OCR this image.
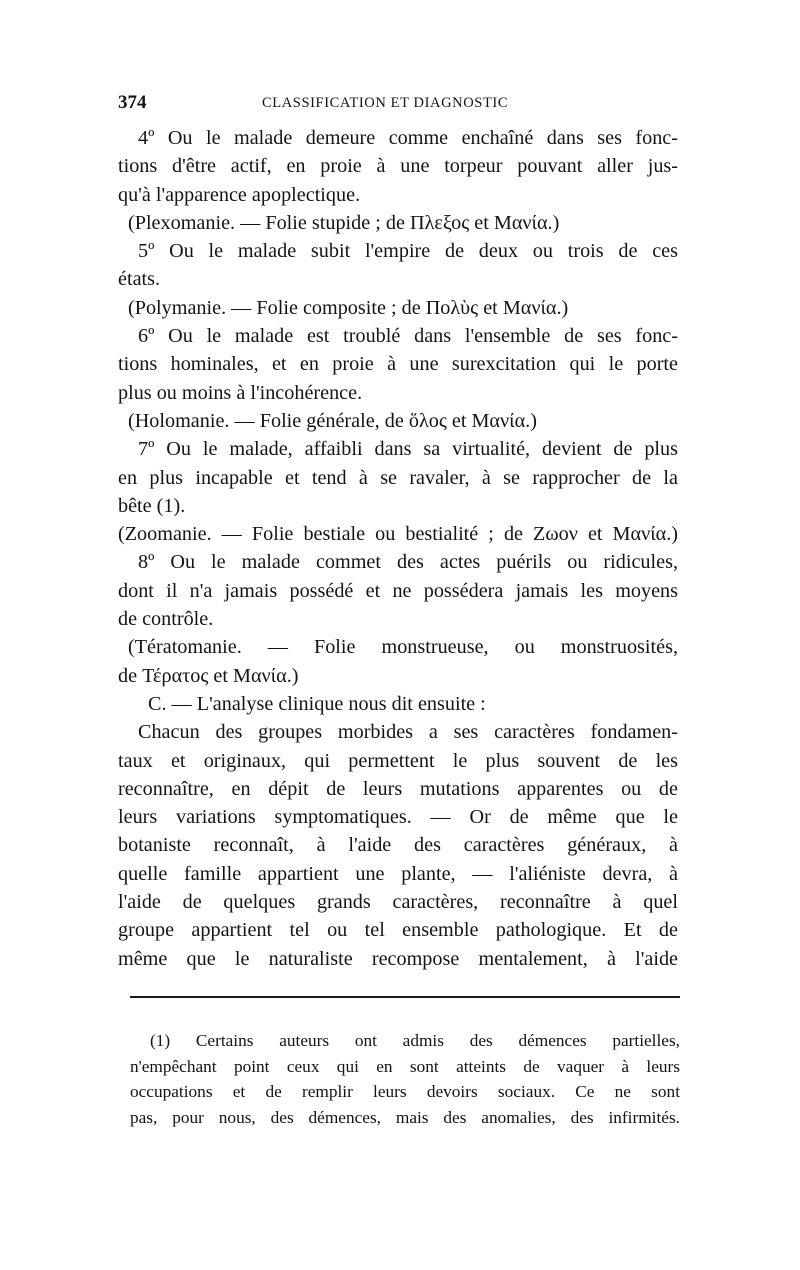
374	CLASSIFICATION ET DIAGNOSTIC
4º Ou le malade demeure comme enchaîné dans ses fonc-
tions d'être actif, en proie à une torpeur pouvant aller jus-
qu'à l'apparence apoplectique.
(Plexomanie. — Folie stupide ; de Πλεξος et Μανία.)
5º Ou le malade subit l'empire de deux ou trois de ces
états.
(Polymanie. — Folie composite ; de Πολὺς et Μανία.)
6º Ou le malade est troublé dans l'ensemble de ses fonc-
tions hominales, et en proie à une surexcitation qui le porte
plus ou moins à l'incohérence.
(Holomanie. — Folie générale, de ὅλος et Μανία.)
7º Ou le malade, affaibli dans sa virtualité, devient de plus
en plus incapable et tend à se ravaler, à se rapprocher de la
bête (1).
(Zoomanie. — Folie bestiale ou bestialité ; de Ζωον et Μανία.)
8º Ou le malade commet des actes puérils ou ridicules,
dont il n'a jamais possédé et ne possédera jamais les moyens
de contrôle.
(Tératomanie. — Folie monstrueuse, ou monstruosités,
de Τέρατος et Μανία.)
C. — L'analyse clinique nous dit ensuite :
Chacun des groupes morbides a ses caractères fondamen-
taux et originaux, qui permettent le plus souvent de les
reconnaître, en dépit de leurs mutations apparentes ou de
leurs variations symptomatiques. — Or de même que le
botaniste reconnaît, à l'aide des caractères généraux, à
quelle famille appartient une plante, — l'aliéniste devra, à
l'aide de quelques grands caractères, reconnaître à quel
groupe appartient tel ou tel ensemble pathologique. Et de
même que le naturaliste recompose mentalement, à l'aide
(1) Certains auteurs ont admis des démences partielles,
n'empêchant point ceux qui en sont atteints de vaquer à leurs
occupations et de remplir leurs devoirs sociaux. Ce ne sont
pas, pour nous, des démences, mais des anomalies, des infirmités.
